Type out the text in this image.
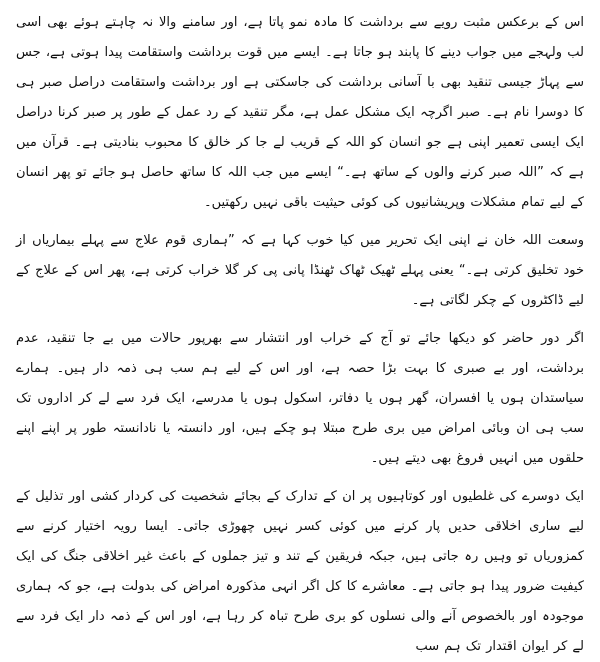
اس کے برعکس مثبت رویے سے برداشت کا مادہ نمو پاتا ہے، اور سامنے والا نہ چاہتے ہوئے بھی اسی لب ولہجے میں جواب دینے کا پابند ہو جاتا ہے۔ ایسے میں قوت برداشت واستقامت پیدا ہوتی ہے، جس سے پہاڑ جیسی تنقید بھی با آسانی برداشت کی جاسکتی ہے اور برداشت واستقامت دراصل صبر ہی کا دوسرا نام ہے۔ صبر اگرچہ ایک مشکل عمل ہے، مگر تنقید کے رد عمل کے طور پر صبر کرنا دراصل ایک ایسی تعمیر اپنی ہے جو انسان کو اللہ کے قریب لے جا کر خالق کا محبوب بنادیتی ہے۔ قرآن میں ہے کہ ”اللہ صبر کرنے والوں کے ساتھ ہے۔“ ایسے میں جب اللہ کا ساتھ حاصل ہو جائے تو پھر انسان کے لیے تمام مشکلات وپریشانیوں کی کوئی حیثیت باقی نہیں رکھتیں۔

وسعت اللہ خان نے اپنی ایک تحریر میں کیا خوب کہا ہے کہ ”ہماری قوم علاج سے پہلے بیماریاں از خود تخلیق کرتی ہے۔“ یعنی پہلے ٹھیک ٹھاک ٹھنڈا پانی پی کر گلا خراب کرتی ہے، پھر اس کے علاج کے لیے ڈاکٹروں کے چکر لگاتی ہے۔

اگر دور حاضر کو دیکھا جائے تو آج کے خراب اور انتشار سے بھرپور حالات میں بے جا تنقید، عدم برداشت، اور بے صبری کا بہت بڑا حصہ ہے، اور اس کے لیے ہم سب ہی ذمہ دار ہیں۔ ہمارے سیاستدان ہوں یا افسران، گھر ہوں یا دفاتر، اسکول ہوں یا مدرسے، ایک فرد سے لے کر اداروں تک سب ہی ان وبائی امراض میں بری طرح مبتلا ہو چکے ہیں، اور دانستہ یا نادانستہ طور پر اپنے اپنے حلقوں میں انہیں فروغ بھی دیتے ہیں۔

ایک دوسرے کی غلطیوں اور کوتاہیوں پر ان کے تدارک کے بجائے شخصیت کی کردار کشی اور تذلیل کے لیے ساری اخلاقی حدیں پار کرنے میں کوئی کسر نہیں چھوڑی جاتی۔ ایسا رویہ اختیار کرنے سے کمزوریاں تو وہیں رہ جاتی ہیں، جبکہ فریقین کے تند و تیز جملوں کے باعث غیر اخلاقی جنگ کی ایک کیفیت ضرور پیدا ہو جاتی ہے۔ معاشرے کا کل اگر انہی مذکورہ امراض کی بدولت ہے، جو کہ ہماری موجودہ اور بالخصوص آنے والی نسلوں کو بری طرح تباہ کر رہا ہے، اور اس کے ذمہ دار ایک فرد سے لے کر ایوان اقتدار تک ہم سب
